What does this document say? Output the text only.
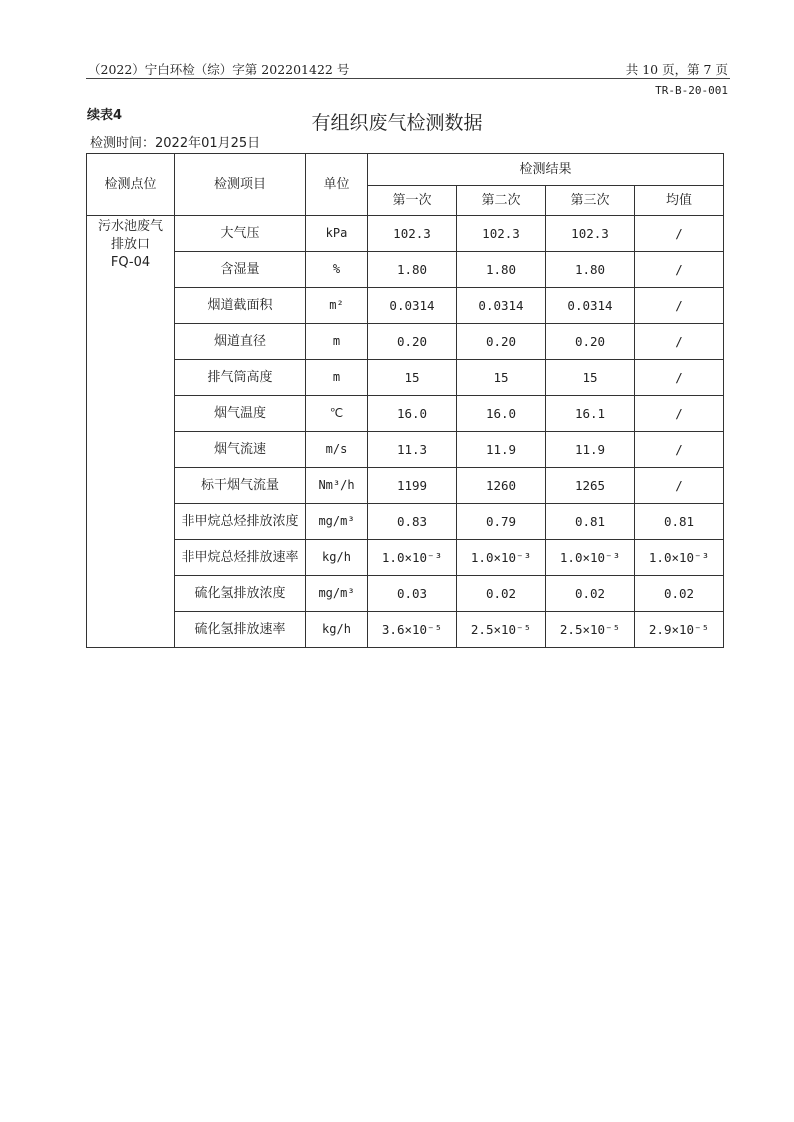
（2022）宁白环检（综）字第 202201422 号	共 10 页，第 7 页
TR-B-20-001
续表4	有组织废气检测数据
检测时间：2022年01月25日
检测点位	检测项目	单位	检测结果			
			第一次	第二次	第三次	均值

污水池废气
排放口
FQ-04	大气压	kPa	102.3	102.3	102.3	/
	含湿量	%	1.80	1.80	1.80	/
	烟道截面积	m²	0.0314	0.0314	0.0314	/
	烟道直径	m	0.20	0.20	0.20	/
	排气筒高度	m	15	15	15	/
	烟气温度	℃	16.0	16.0	16.1	/
	烟气流速	m/s	11.3	11.9	11.9	/
	标干烟气流量	Nm³/h	1199	1260	1265	/
	非甲烷总烃排放浓度	mg/m³	0.83	0.79	0.81	0.81
	非甲烷总烃排放速率	kg/h	1.0×10⁻³	1.0×10⁻³	1.0×10⁻³	1.0×10⁻³
	硫化氢排放浓度	mg/m³	0.03	0.02	0.02	0.02
	硫化氢排放速率	kg/h	3.6×10⁻⁵	2.5×10⁻⁵	2.5×10⁻⁵	2.9×10⁻⁵
